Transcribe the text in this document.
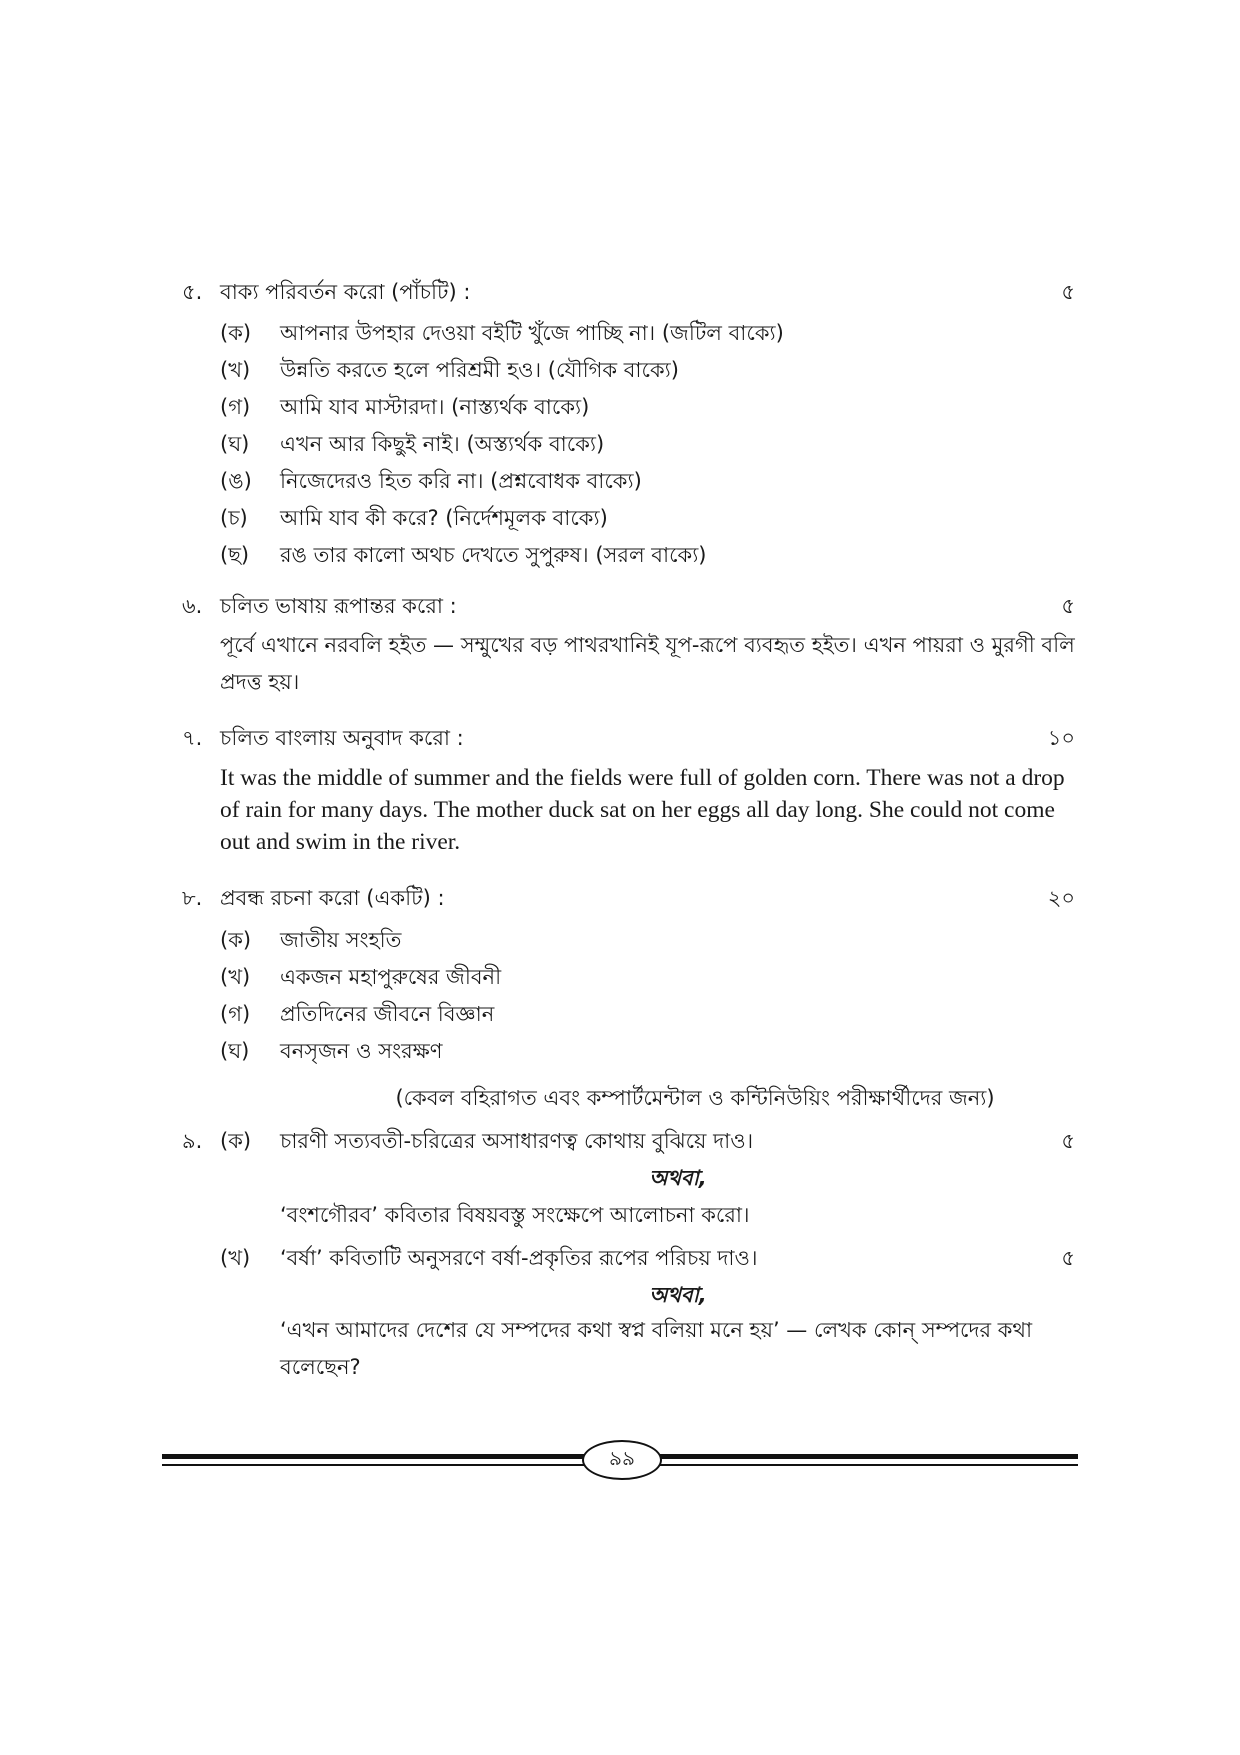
৫. বাক্য পরিবর্তন করো (পাঁচটি) :	৫
(ক) আপনার উপহার দেওয়া বইটি খুঁজে পাচ্ছি না। (জটিল বাক্যে)
(খ) উন্নতি করতে হলে পরিশ্রমী হও। (যৌগিক বাক্যে)
(গ) আমি যাব মাস্টারদা। (নাস্ত্যর্থক বাক্যে)
(ঘ) এখন আর কিছুই নাই। (অস্ত্যর্থক বাক্যে)
(ঙ) নিজেদেরও হিত করি না। (প্রশ্নবোধক বাক্যে)
(চ) আমি যাব কী করে? (নির্দেশমূলক বাক্যে)
(ছ) রঙ তার কালো অথচ দেখতে সুপুরুষ। (সরল বাক্যে)
৬. চলিত ভাষায় রূপান্তর করো :	৫
পূর্বে এখানে নরবলি হইত — সম্মুখের বড় পাথরখানিই যূপ-রূপে ব্যবহৃত হইত। এখন পায়রা ও মুরগী বলি প্রদত্ত হয়।
৭. চলিত বাংলায় অনুবাদ করো :	১০
It was the middle of summer and the fields were full of golden corn. There was not a drop of rain for many days. The mother duck sat on her eggs all day long. She could not come out and swim in the river.
৮. প্রবন্ধ রচনা করো (একটি) :	২০
(ক) জাতীয় সংহতি
(খ) একজন মহাপুরুষের জীবনী
(গ) প্রতিদিনের জীবনে বিজ্ঞান
(ঘ) বনসৃজন ও সংরক্ষণ
(কেবল বহিরাগত এবং কম্পার্টমেন্টাল ও কন্টিনিউয়িং পরীক্ষার্থীদের জন্য)
৯. (ক) চারণী সত্যবতী-চরিত্রের অসাধারণত্ব কোথায় বুঝিয়ে দাও।	৫
অথবা,
‘বংশগৌরব’ কবিতার বিষয়বস্তু সংক্ষেপে আলোচনা করো।
(খ) ‘বর্ষা’ কবিতাটি অনুসরণে বর্ষা-প্রকৃতির রূপের পরিচয় দাও।	৫
অথবা,
‘এখন আমাদের দেশের যে সম্পদের কথা স্বপ্ন বলিয়া মনে হয়’ — লেখক কোন্ সম্পদের কথা বলেছেন?
৯৯
